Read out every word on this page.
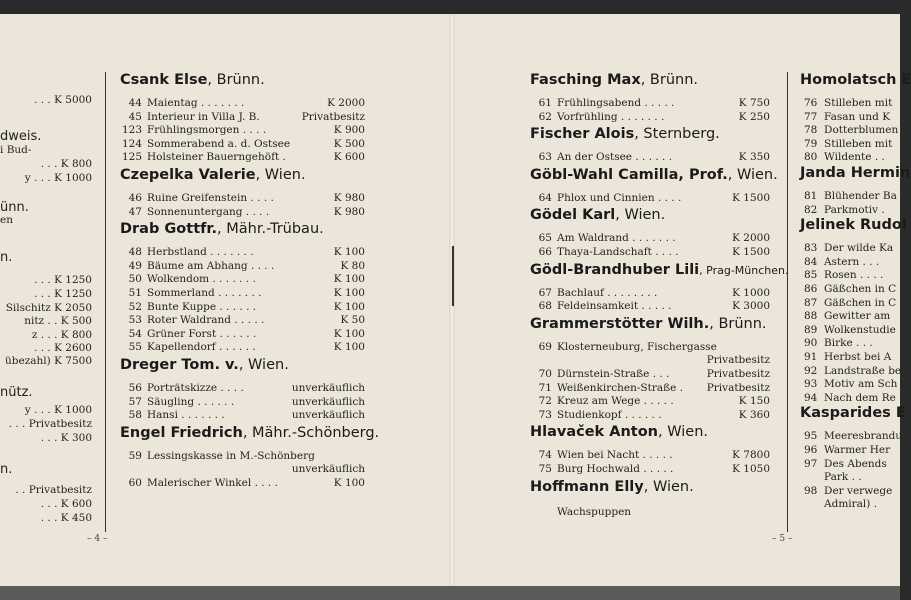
. . . K 5000
dweis.
i Bud-
. . . K 800
y . . . K 1000
ünn.
en
n.
. . . K 1250
. . . K 1250
Silschitz K 2050
nitz . . K 500
z . . . K 800
. . . K 2600
übezahl) K 7500
nütz.
y . . . K 1000
. . . Privatbesitz
. . . K 300
n.
. . Privatbesitz
. . . K 600
. . . K 450
Csank Else, Brünn.
44 Maientag . . . . . . .	K 2000
45 Interieur in Villa J. B.	Privatbesitz
123 Frühlingsmorgen . . . .	K 900
124 Sommerabend a. d. Ostsee	K 500
125 Holsteiner Bauerngehöft .	K 600
Czepelka Valerie, Wien.
46 Ruine Greifenstein . . . .	K 980
47 Sonnenuntergang . . . .	K 980
Drab Gottfr., Mähr.-Trübau.
48 Herbstland . . . . . . .	K 100
49 Bäume am Abhang . . . .	K 80
50 Wolkendom . . . . . . .	K 100
51 Sommerland . . . . . . .	K 100
52 Bunte Kuppe . . . . . .	K 100
53 Roter Waldrand . . . . .	K 50
54 Grüner Forst . . . . . .	K 100
55 Kapellendorf . . . . . .	K 100
Dreger Tom. v., Wien.
56 Porträtskizze . . . .	unverkäuflich
57 Säugling . . . . . .	unverkäuflich
58 Hansi . . . . . . .	unverkäuflich
Engel Friedrich, Mähr.-Schönberg.
59 Lessingskasse in M.-Schönberg
unverkäuflich
60 Malerischer Winkel . . . .	K 100
Fasching Max, Brünn.
61 Frühlingsabend . . . . .	K 750
62 Vorfrühling . . . . . . .	K 250
Fischer Alois, Sternberg.
63 An der Ostsee . . . . . .	K 350
Göbl-Wahl Camilla, Prof., Wien.
64 Phlox und Cinnien . . . .	K 1500
Gödel Karl, Wien.
65 Am Waldrand . . . . . . .	K 2000
66 Thaya-Landschaft . . . .	K 1500
Gödl-Brandhuber Lili, Prag-München.
67 Bachlauf . . . . . . . .	K 1000
68 Feldeinsamkeit . . . . .	K 3000
Grammerstötter Wilh., Brünn.
69 Klosterneuburg, Fischergasse
Privatbesitz
70 Dürnstein-Straße . . .	Privatbesitz
71 Weißenkirchen-Straße . Privatbesitz
72 Kreuz am Wege . . . . .	K 150
73 Studienkopf . . . . . .	K 360
Hlavaček Anton, Wien.
74 Wien bei Nacht . . . . .	K 7800
75 Burg Hochwald . . . . .	K 1050
Hoffmann Elly, Wien.
Wachspuppen
Homolatsch E
76  Stilleben mit
77  Fasan und K
78  Dotterblumen
79  Stilleben mit
80  Wildente . .
Janda Hermin
81  Blühender Ba
82  Parkmotiv .
Jelinek Rudol
83  Der wilde Ka
84  Astern . . .
85  Rosen . . . .
86  Gäßchen in C
87  Gäßchen in C
88  Gewitter am
89  Wolkenstudie
90  Birke . . .
91  Herbst bei A
92  Landstraße be
93  Motiv am Sch
94  Nach dem Re
Kasparides E
95  Meeresbrandu
96  Warmer Her
97  Des Abends
Park . .
98  Der verwege
Admiral) .
– 4 –	– 5 –
